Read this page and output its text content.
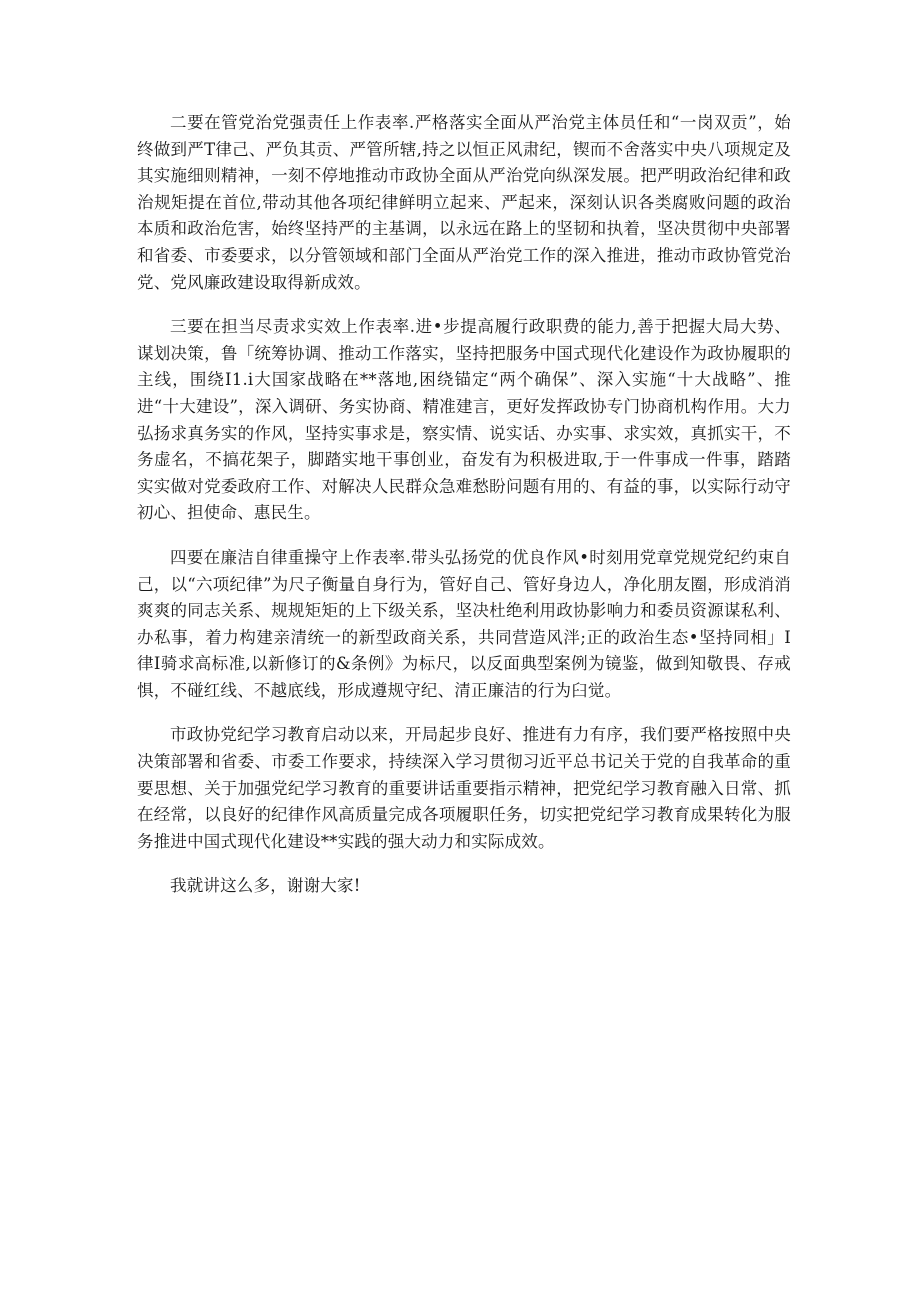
二要在管党治党强责任上作表率.严格落实全面从严治党主体员任和“一岗双贡”，始终做到严T律己、严负其贡、严管所辖,持之以恒正风肃纪，锲而不舍落实中央八项规定及其实施细则精神，一刻不停地推动市政协全面从严治党向纵深发展。把严明政治纪律和政治规矩提在首位,带动其他各项纪律鲜明立起来、严起来，深刻认识各类腐败问题的政治本质和政治危害，始终坚持严的主基调，以永远在路上的坚韧和执着，坚决贯彻中央部署和省委、市委要求，以分管领域和部门全面从严治党工作的深入推进，推动市政协管党治党、党风廉政建设取得新成效。

三要在担当尽责求实效上作表率.进•步提高履行政职费的能力,善于把握大局大势、谋划决策，鲁「统筹协调、推动工作落实，坚持把服务中国式现代化建设作为政协履职的主线，围绕I1.i大国家战略在**落地,困绕锚定“两个确保”、深入实施“十大战略”、推进“十大建设”，深入调研、务实协商、精准建言，更好发挥政协专门协商机构作用。大力弘扬求真务实的作风，坚持实事求是，察实情、说实话、办实事、求实效，真抓实干，不务虚名，不搞花架子，脚踏实地干事创业，奋发有为积极进取,于一件事成一件事，踏踏实实做对党委政府工作、对解决人民群众急难愁盼问题有用的、有益的事，以实际行动守初心、担使命、惠民生。

四要在廉洁自律重操守上作表率.带头弘扬党的优良作风•时刻用党章党规党纪约束自己，以“六项纪律”为尺子衡量自身行为，管好自己、管好身边人，净化朋友圈，形成消消爽爽的同志关系、规规矩矩的上下级关系，坚决杜绝利用政协影响力和委员资源谋私利、办私事，着力构建亲清统一的新型政商关系，共同营造风泮;正的政治生态•坚持同相」I律I骑求高标准,以新修订的&条例》为标尺，以反面典型案例为镜鉴，做到知敬畏、存戒惧，不碰红线、不越底线，形成遵规守纪、清正廉洁的行为臼觉。

市政协党纪学习教育启动以来，开局起步良好、推进有力有序，我们要严格按照中央决策部署和省委、市委工作要求，持续深入学习贯彻习近平总书记关于党的自我革命的重要思想、关于加强党纪学习教育的重要讲话重要指示精神，把党纪学习教育融入日常、抓在经常，以良好的纪律作风高质量完成各项履职任务，切实把党纪学习教育成果转化为服务推进中国式现代化建设**实践的强大动力和实际成效。

我就讲这么多，谢谢大家!
